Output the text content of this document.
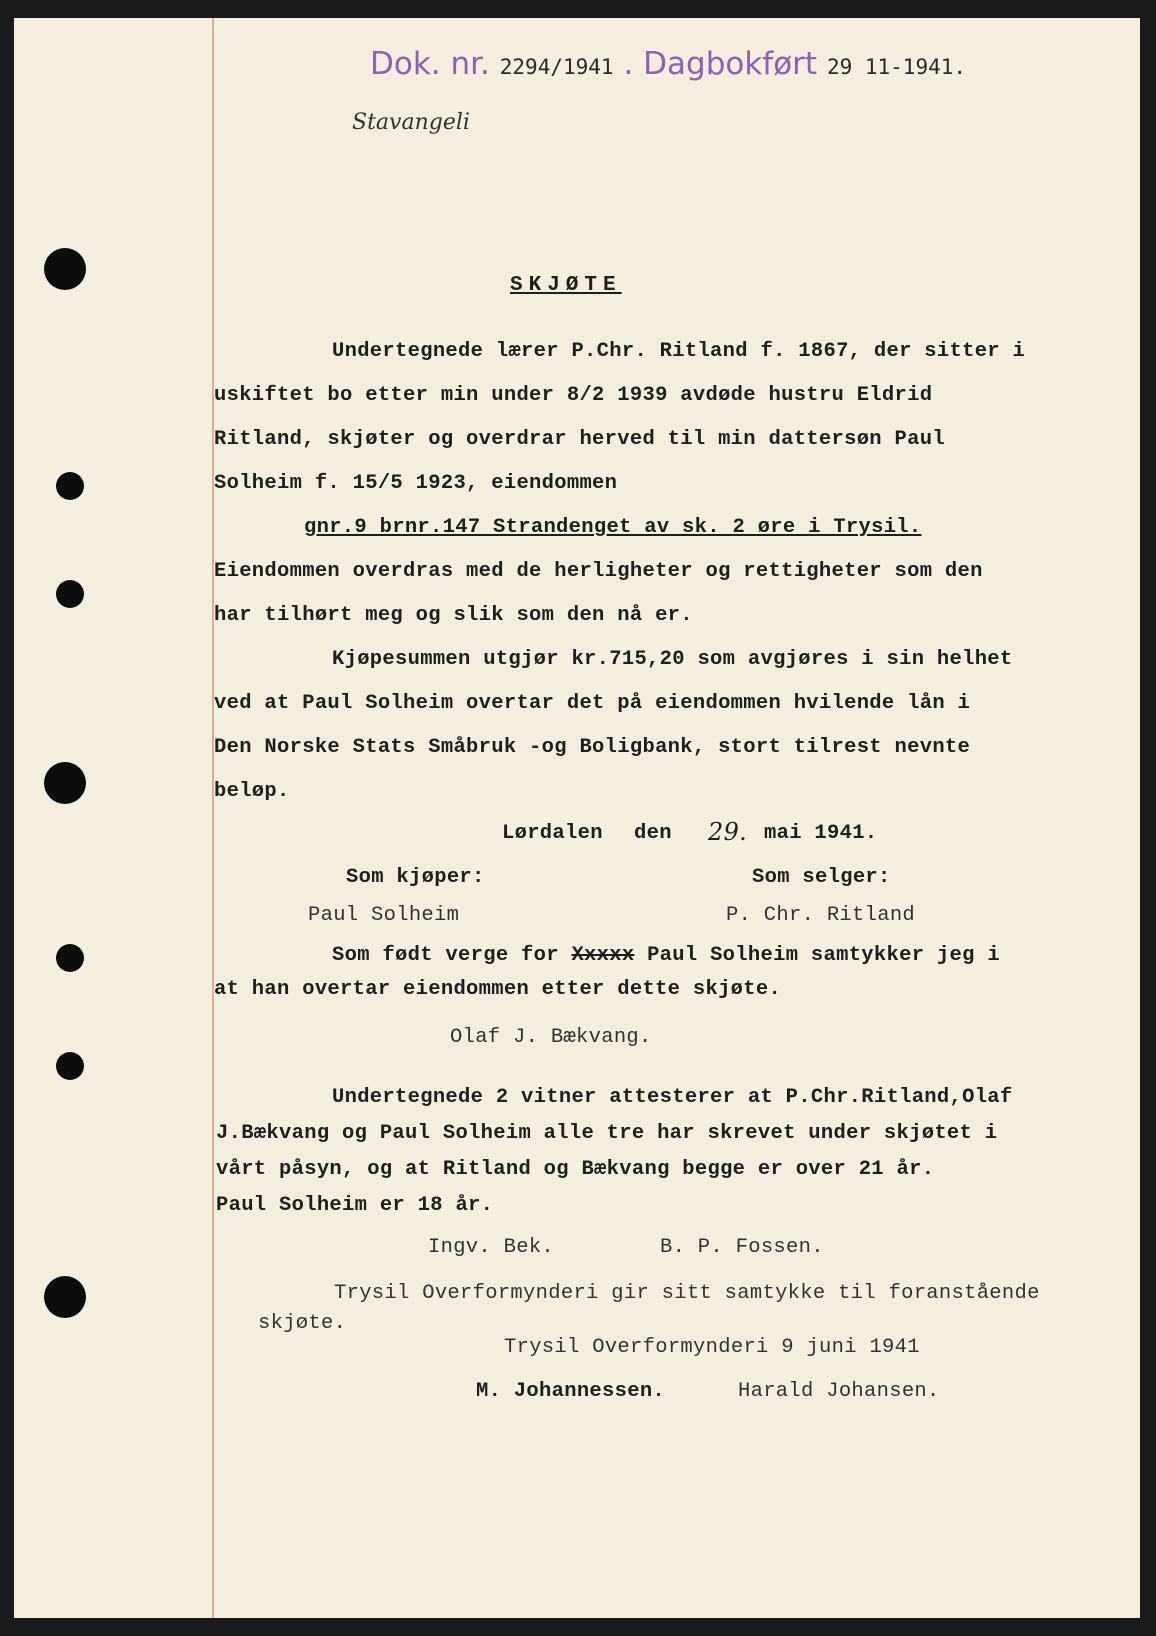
Dok. nr. 2294/1941 . Dagbokført 29 11-1941.
Stavangeli
SKJØTE
Undertegnede lærer P.Chr. Ritland f. 1867, der sitter i
uskiftet bo etter min under 8/2 1939 avdøde hustru Eldrid
Ritland, skjøter og overdrar herved til min dattersøn Paul
Solheim f. 15/5 1923, eiendommen
gnr.9 brnr.147 Strandenget av sk. 2 øre i Trysil.
Eiendommen overdras med de herligheter og rettigheter som den
har tilhørt meg og slik som den nå er.
Kjøpesummen utgjør kr.715,20 som avgjøres i sin helhet
ved at Paul Solheim overtar det på eiendommen hvilende lån i
Den Norske Stats Småbruk -og Boligbank, stort tilrest nevnte
beløp.
Lørdalen den 29. mai 1941.
Som kjøper:	Som selger:
Paul Solheim	P. Chr. Ritland
Som født verge for Xxxxx Paul Solheim samtykker jeg i
at han overtar eiendommen etter dette skjøte.
Olaf J. Bækvang.
Undertegnede 2 vitner attesterer at P.Chr.Ritland,Olaf
J.Bækvang og Paul Solheim alle tre har skrevet under skjøtet i
vårt påsyn, og at Ritland og Bækvang begge er over 21 år.
Paul Solheim er 18 år.
Ingv. Bek.	B. P. Fossen.
Trysil Overformynderi gir sitt samtykke til foranstående
skjøte.
Trysil Overformynderi 9 juni 1941
M. Johannessen.	Harald Johansen.
